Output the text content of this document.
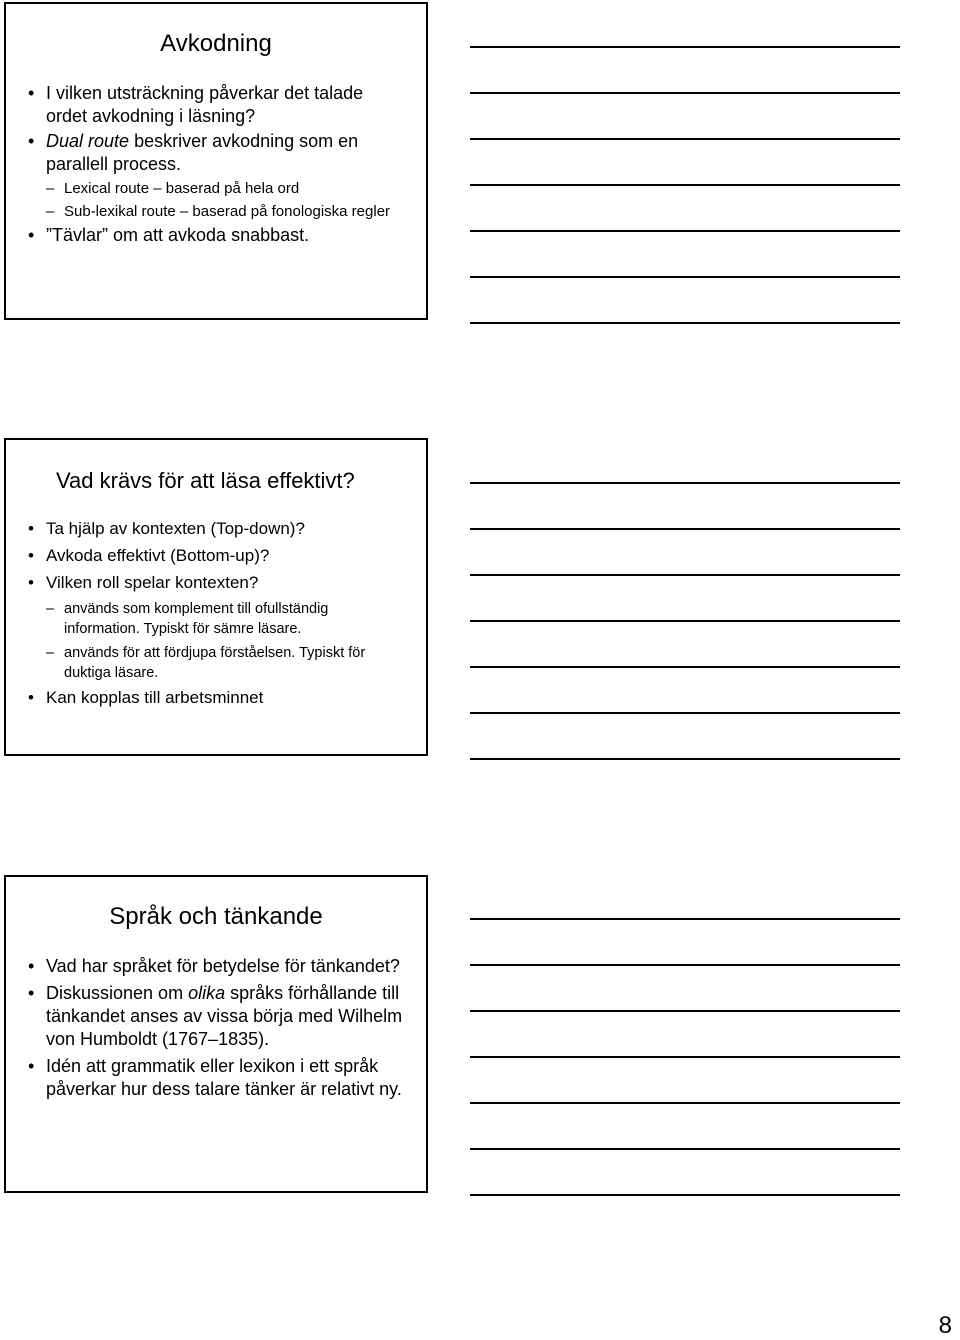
Avkodning
• I vilken utsträckning påverkar det talade ordet avkodning i läsning?
• Dual route beskriver avkodning som en parallell process.
– Lexical route – baserad på hela ord
– Sub-lexikal route – baserad på fonologiska regler
• ”Tävlar” om att avkoda snabbast.
Vad krävs för att läsa effektivt?
• Ta hjälp av kontexten (Top-down)?
• Avkoda effektivt (Bottom-up)?
• Vilken roll spelar kontexten?
– används som komplement till ofullständig information. Typiskt för sämre läsare.
– används för att fördjupa förståelsen. Typiskt för duktiga läsare.
• Kan kopplas till arbetsminnet
Språk och tänkande
• Vad har språket för betydelse för tänkandet?
• Diskussionen om olika språks förhållande till tänkandet anses av vissa börja med Wilhelm von Humboldt (1767–1835).
• Idén att grammatik eller lexikon i ett språk påverkar hur dess talare tänker är relativt ny.
8
